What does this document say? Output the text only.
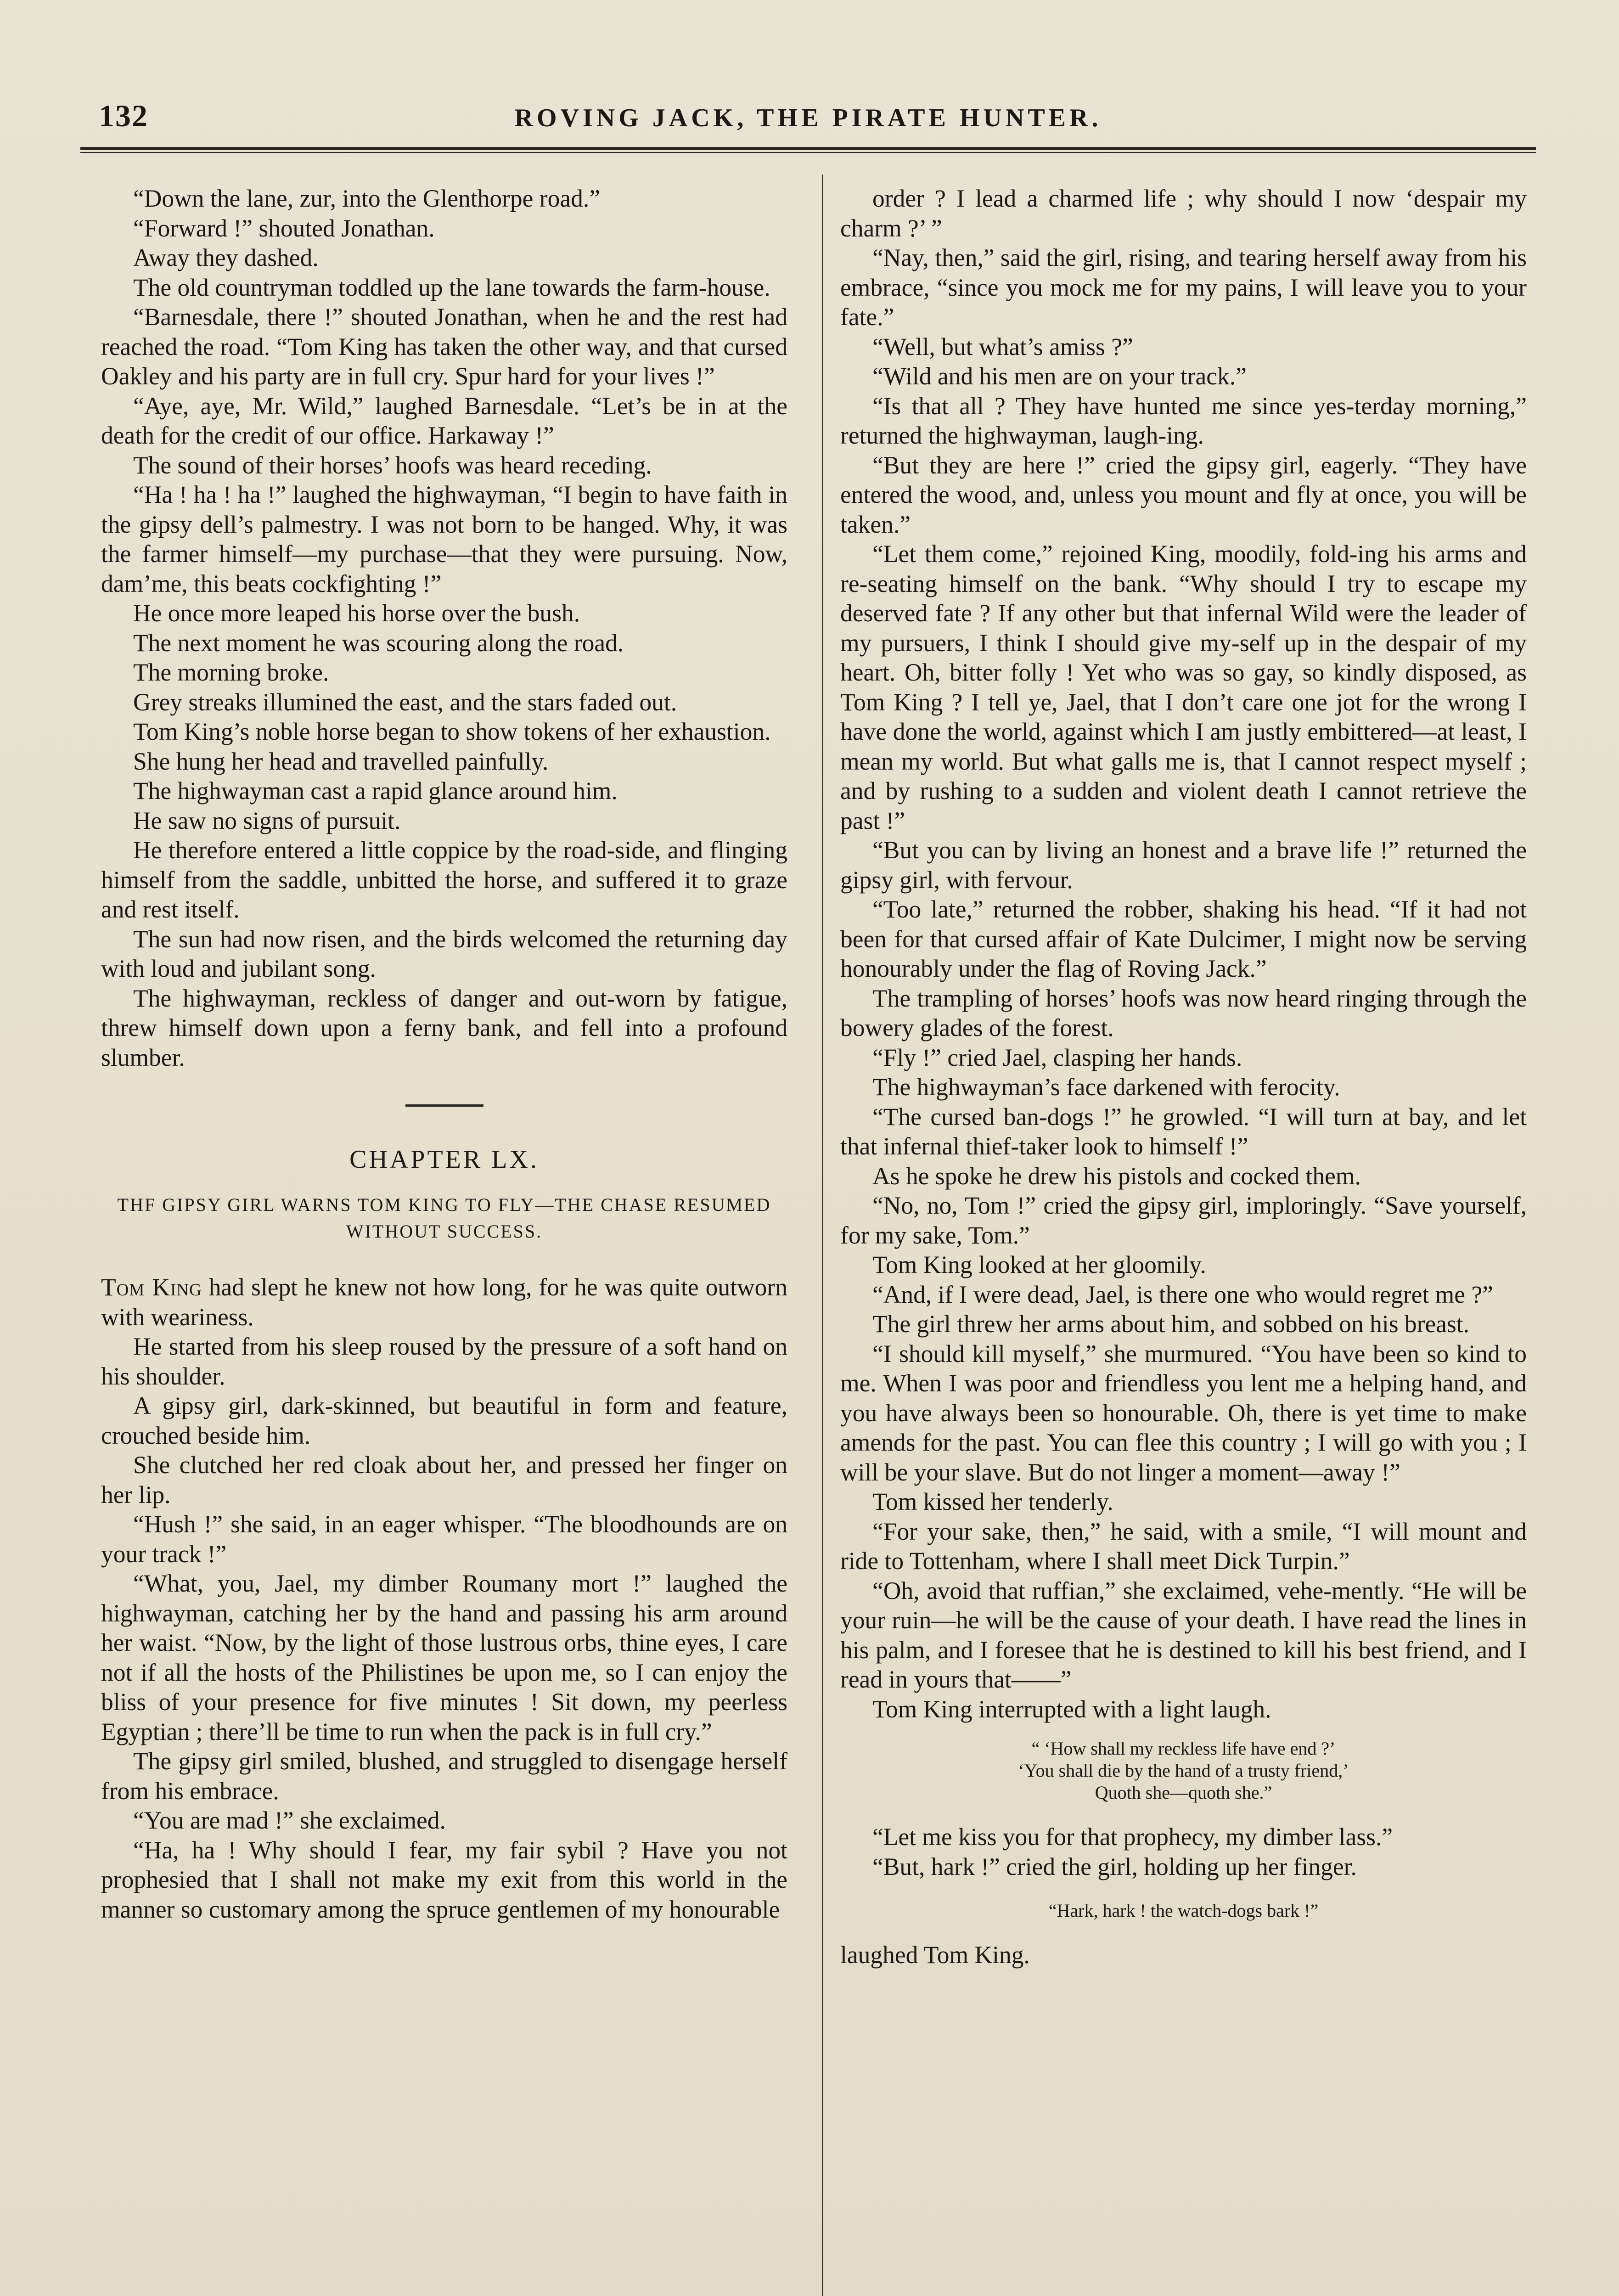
132	ROVING JACK, THE PIRATE HUNTER.

“Down the lane, zur, into the Glenthorpe road.”

“Forward !” shouted Jonathan.

Away they dashed.

The old countryman toddled up the lane towards the farm-house.

“Barnesdale, there !” shouted Jonathan, when he and the rest had reached the road. “Tom King has taken the other way, and that cursed Oakley and his party are in full cry. Spur hard for your lives !”

“Aye, aye, Mr. Wild,” laughed Barnesdale. “Let’s be in at the death for the credit of our office. Harkaway !”

The sound of their horses’ hoofs was heard receding.

“Ha ! ha ! ha !” laughed the highwayman, “I begin to have faith in the gipsy dell’s palmestry. I was not born to be hanged. Why, it was the farmer himself—my purchase—that they were pursuing. Now, dam’me, this beats cockfighting !”

He once more leaped his horse over the bush.

The next moment he was scouring along the road.

The morning broke.

Grey streaks illumined the east, and the stars faded out.

Tom King’s noble horse began to show tokens of her exhaustion.

She hung her head and travelled painfully.

The highwayman cast a rapid glance around him.

He saw no signs of pursuit.

He therefore entered a little coppice by the road-side, and flinging himself from the saddle, unbitted the horse, and suffered it to graze and rest itself.

The sun had now risen, and the birds welcomed the returning day with loud and jubilant song.

The highwayman, reckless of danger and out-worn by fatigue, threw himself down upon a ferny bank, and fell into a profound slumber.

CHAPTER LX.
THF GIPSY GIRL WARNS TOM KING TO FLY—THE CHASE RESUMED WITHOUT SUCCESS.

Tom King had slept he knew not how long, for he was quite outworn with weariness.

He started from his sleep roused by the pressure of a soft hand on his shoulder.

A gipsy girl, dark-skinned, but beautiful in form and feature, crouched beside him.

She clutched her red cloak about her, and pressed her finger on her lip.

“Hush !” she said, in an eager whisper. “The bloodhounds are on your track !”

“What, you, Jael, my dimber Roumany mort !” laughed the highwayman, catching her by the hand and passing his arm around her waist. “Now, by the light of those lustrous orbs, thine eyes, I care not if all the hosts of the Philistines be upon me, so I can enjoy the bliss of your presence for five minutes ! Sit down, my peerless Egyptian ; there’ll be time to run when the pack is in full cry.”

The gipsy girl smiled, blushed, and struggled to disengage herself from his embrace.

“You are mad !” she exclaimed.

“Ha, ha ! Why should I fear, my fair sybil ? Have you not prophesied that I shall not make my exit from this world in the manner so customary among the spruce gentlemen of my honourable

order ? I lead a charmed life ; why should I now ‘despair my charm ?’ ”

“Nay, then,” said the girl, rising, and tearing herself away from his embrace, “since you mock me for my pains, I will leave you to your fate.”

“Well, but what’s amiss ?”

“Wild and his men are on your track.”

“Is that all ? They have hunted me since yes-terday morning,” returned the highwayman, laugh-ing.

“But they are here !” cried the gipsy girl, eagerly. “They have entered the wood, and, unless you mount and fly at once, you will be taken.”

“Let them come,” rejoined King, moodily, fold-ing his arms and re-seating himself on the bank. “Why should I try to escape my deserved fate ? If any other but that infernal Wild were the leader of my pursuers, I think I should give my-self up in the despair of my heart. Oh, bitter folly ! Yet who was so gay, so kindly disposed, as Tom King ? I tell ye, Jael, that I don’t care one jot for the wrong I have done the world, against which I am justly embittered—at least, I mean my world. But what galls me is, that I cannot respect myself ; and by rushing to a sudden and violent death I cannot retrieve the past !”

“But you can by living an honest and a brave life !” returned the gipsy girl, with fervour.

“Too late,” returned the robber, shaking his head. “If it had not been for that cursed affair of Kate Dulcimer, I might now be serving honourably under the flag of Roving Jack.”

The trampling of horses’ hoofs was now heard ringing through the bowery glades of the forest.

“Fly !” cried Jael, clasping her hands.

The highwayman’s face darkened with ferocity.

“The cursed ban-dogs !” he growled. “I will turn at bay, and let that infernal thief-taker look to himself !”

As he spoke he drew his pistols and cocked them.

“No, no, Tom !” cried the gipsy girl, imploringly. “Save yourself, for my sake, Tom.”

Tom King looked at her gloomily.

“And, if I were dead, Jael, is there one who would regret me ?”

The girl threw her arms about him, and sobbed on his breast.

“I should kill myself,” she murmured. “You have been so kind to me. When I was poor and friendless you lent me a helping hand, and you have always been so honourable. Oh, there is yet time to make amends for the past. You can flee this country ; I will go with you ; I will be your slave. But do not linger a moment—away !”

Tom kissed her tenderly.

“For your sake, then,” he said, with a smile, “I will mount and ride to Tottenham, where I shall meet Dick Turpin.”

“Oh, avoid that ruffian,” she exclaimed, vehe-mently. “He will be your ruin—he will be the cause of your death. I have read the lines in his palm, and I foresee that he is destined to kill his best friend, and I read in yours that——”

Tom King interrupted with a light laugh.

“ ‘How shall my reckless life have end ?’
‘You shall die by the hand of a trusty friend,’
Quoth she—quoth she.”

“Let me kiss you for that prophecy, my dimber lass.”

“But, hark !” cried the girl, holding up her finger.

“Hark, hark ! the watch-dogs bark !”

laughed Tom King.
